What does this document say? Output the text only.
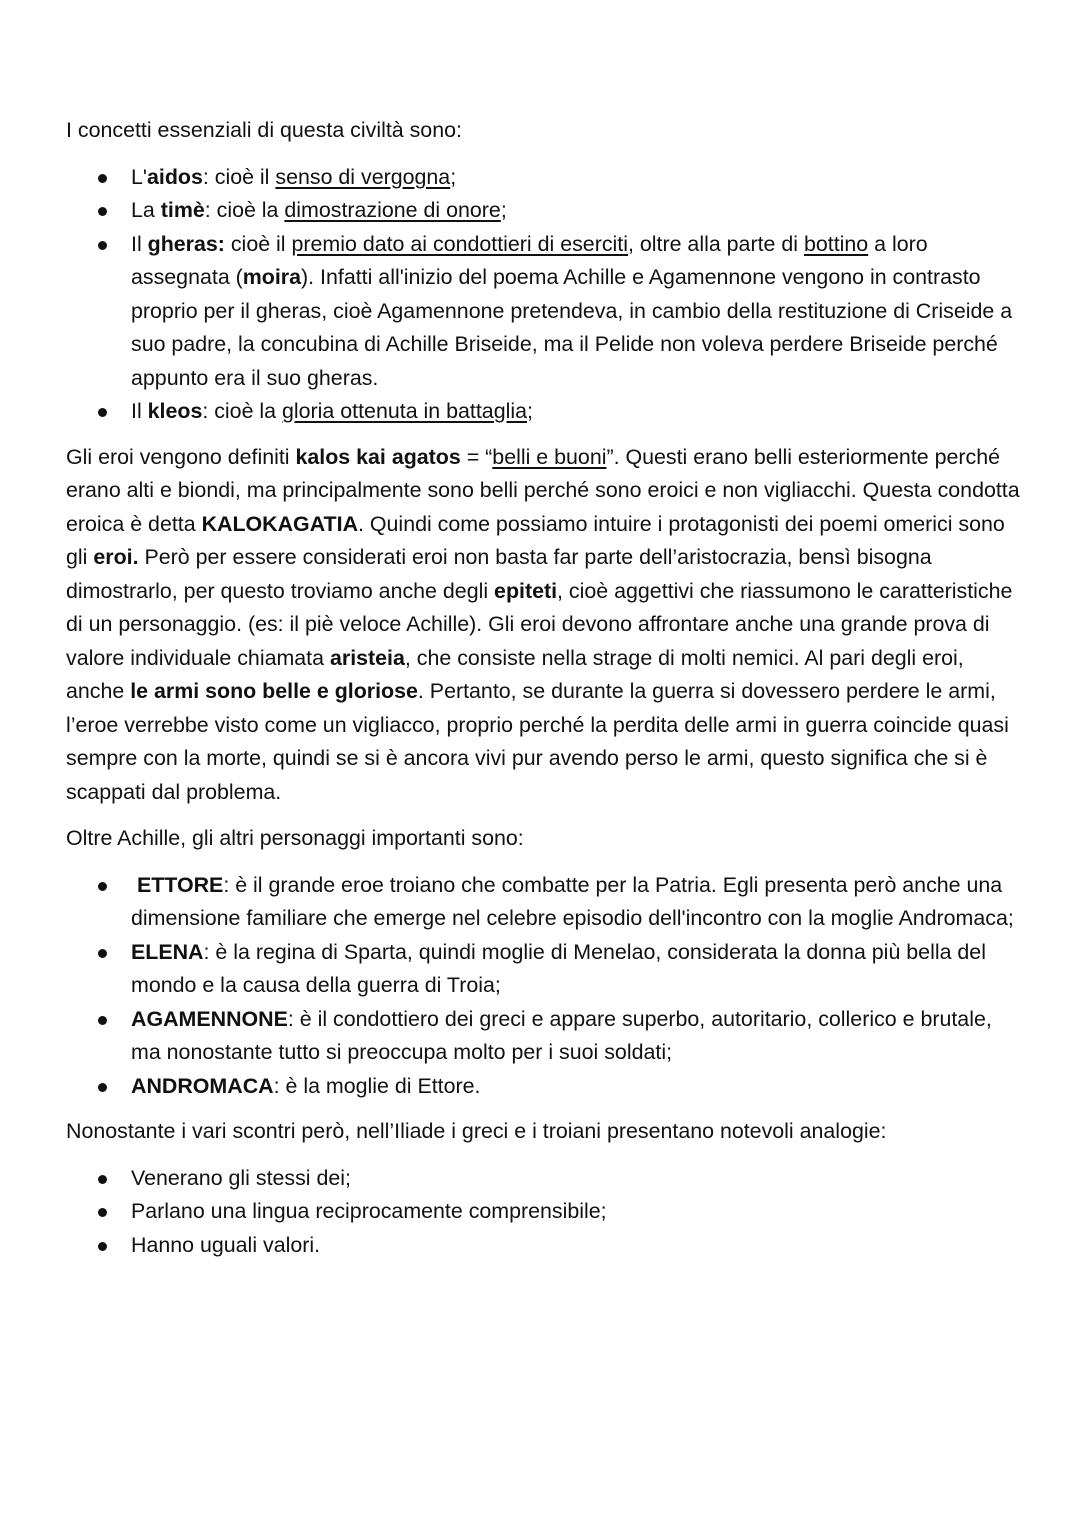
I concetti essenziali di questa civiltà sono:

L'aidos: cioè il senso di vergogna;
La timè: cioè la dimostrazione di onore;
Il gheras: cioè il premio dato ai condottieri di eserciti, oltre alla parte di bottino a loro assegnata (moira). Infatti all'inizio del poema Achille e Agamennone vengono in contrasto proprio per il gheras, cioè Agamennone pretendeva, in cambio della restituzione di Criseide a suo padre, la concubina di Achille Briseide, ma il Pelide non voleva perdere Briseide perché appunto era il suo gheras.
Il kleos: cioè la gloria ottenuta in battaglia;

Gli eroi vengono definiti kalos kai agatos = “belli e buoni”. Questi erano belli esteriormente perché erano alti e biondi, ma principalmente sono belli perché sono eroici e non vigliacchi. Questa condotta eroica è detta KALOKAGATIA. Quindi come possiamo intuire i protagonisti dei poemi omerici sono gli eroi. Però per essere considerati eroi non basta far parte dell’aristocrazia, bensì bisogna dimostrarlo, per questo troviamo anche degli epiteti, cioè aggettivi che riassumono le caratteristiche di un personaggio. (es: il piè veloce Achille). Gli eroi devono affrontare anche una grande prova di valore individuale chiamata aristeia, che consiste nella strage di molti nemici. Al pari degli eroi, anche le armi sono belle e gloriose. Pertanto, se durante la guerra si dovessero perdere le armi, l’eroe verrebbe visto come un vigliacco, proprio perché la perdita delle armi in guerra coincide quasi sempre con la morte, quindi se si è ancora vivi pur avendo perso le armi, questo significa che si è scappati dal problema.

Oltre Achille, gli altri personaggi importanti sono:

ETTORE: è il grande eroe troiano che combatte per la Patria. Egli presenta però anche una dimensione familiare che emerge nel celebre episodio dell'incontro con la moglie Andromaca;
ELENA: è la regina di Sparta, quindi moglie di Menelao, considerata la donna più bella del mondo e la causa della guerra di Troia;
AGAMENNONE: è il condottiero dei greci e appare superbo, autoritario, collerico e brutale, ma nonostante tutto si preoccupa molto per i suoi soldati;
ANDROMACA: è la moglie di Ettore.

Nonostante i vari scontri però, nell’Iliade i greci e i troiani presentano notevoli analogie:

Venerano gli stessi dei;
Parlano una lingua reciprocamente comprensibile;
Hanno uguali valori.
